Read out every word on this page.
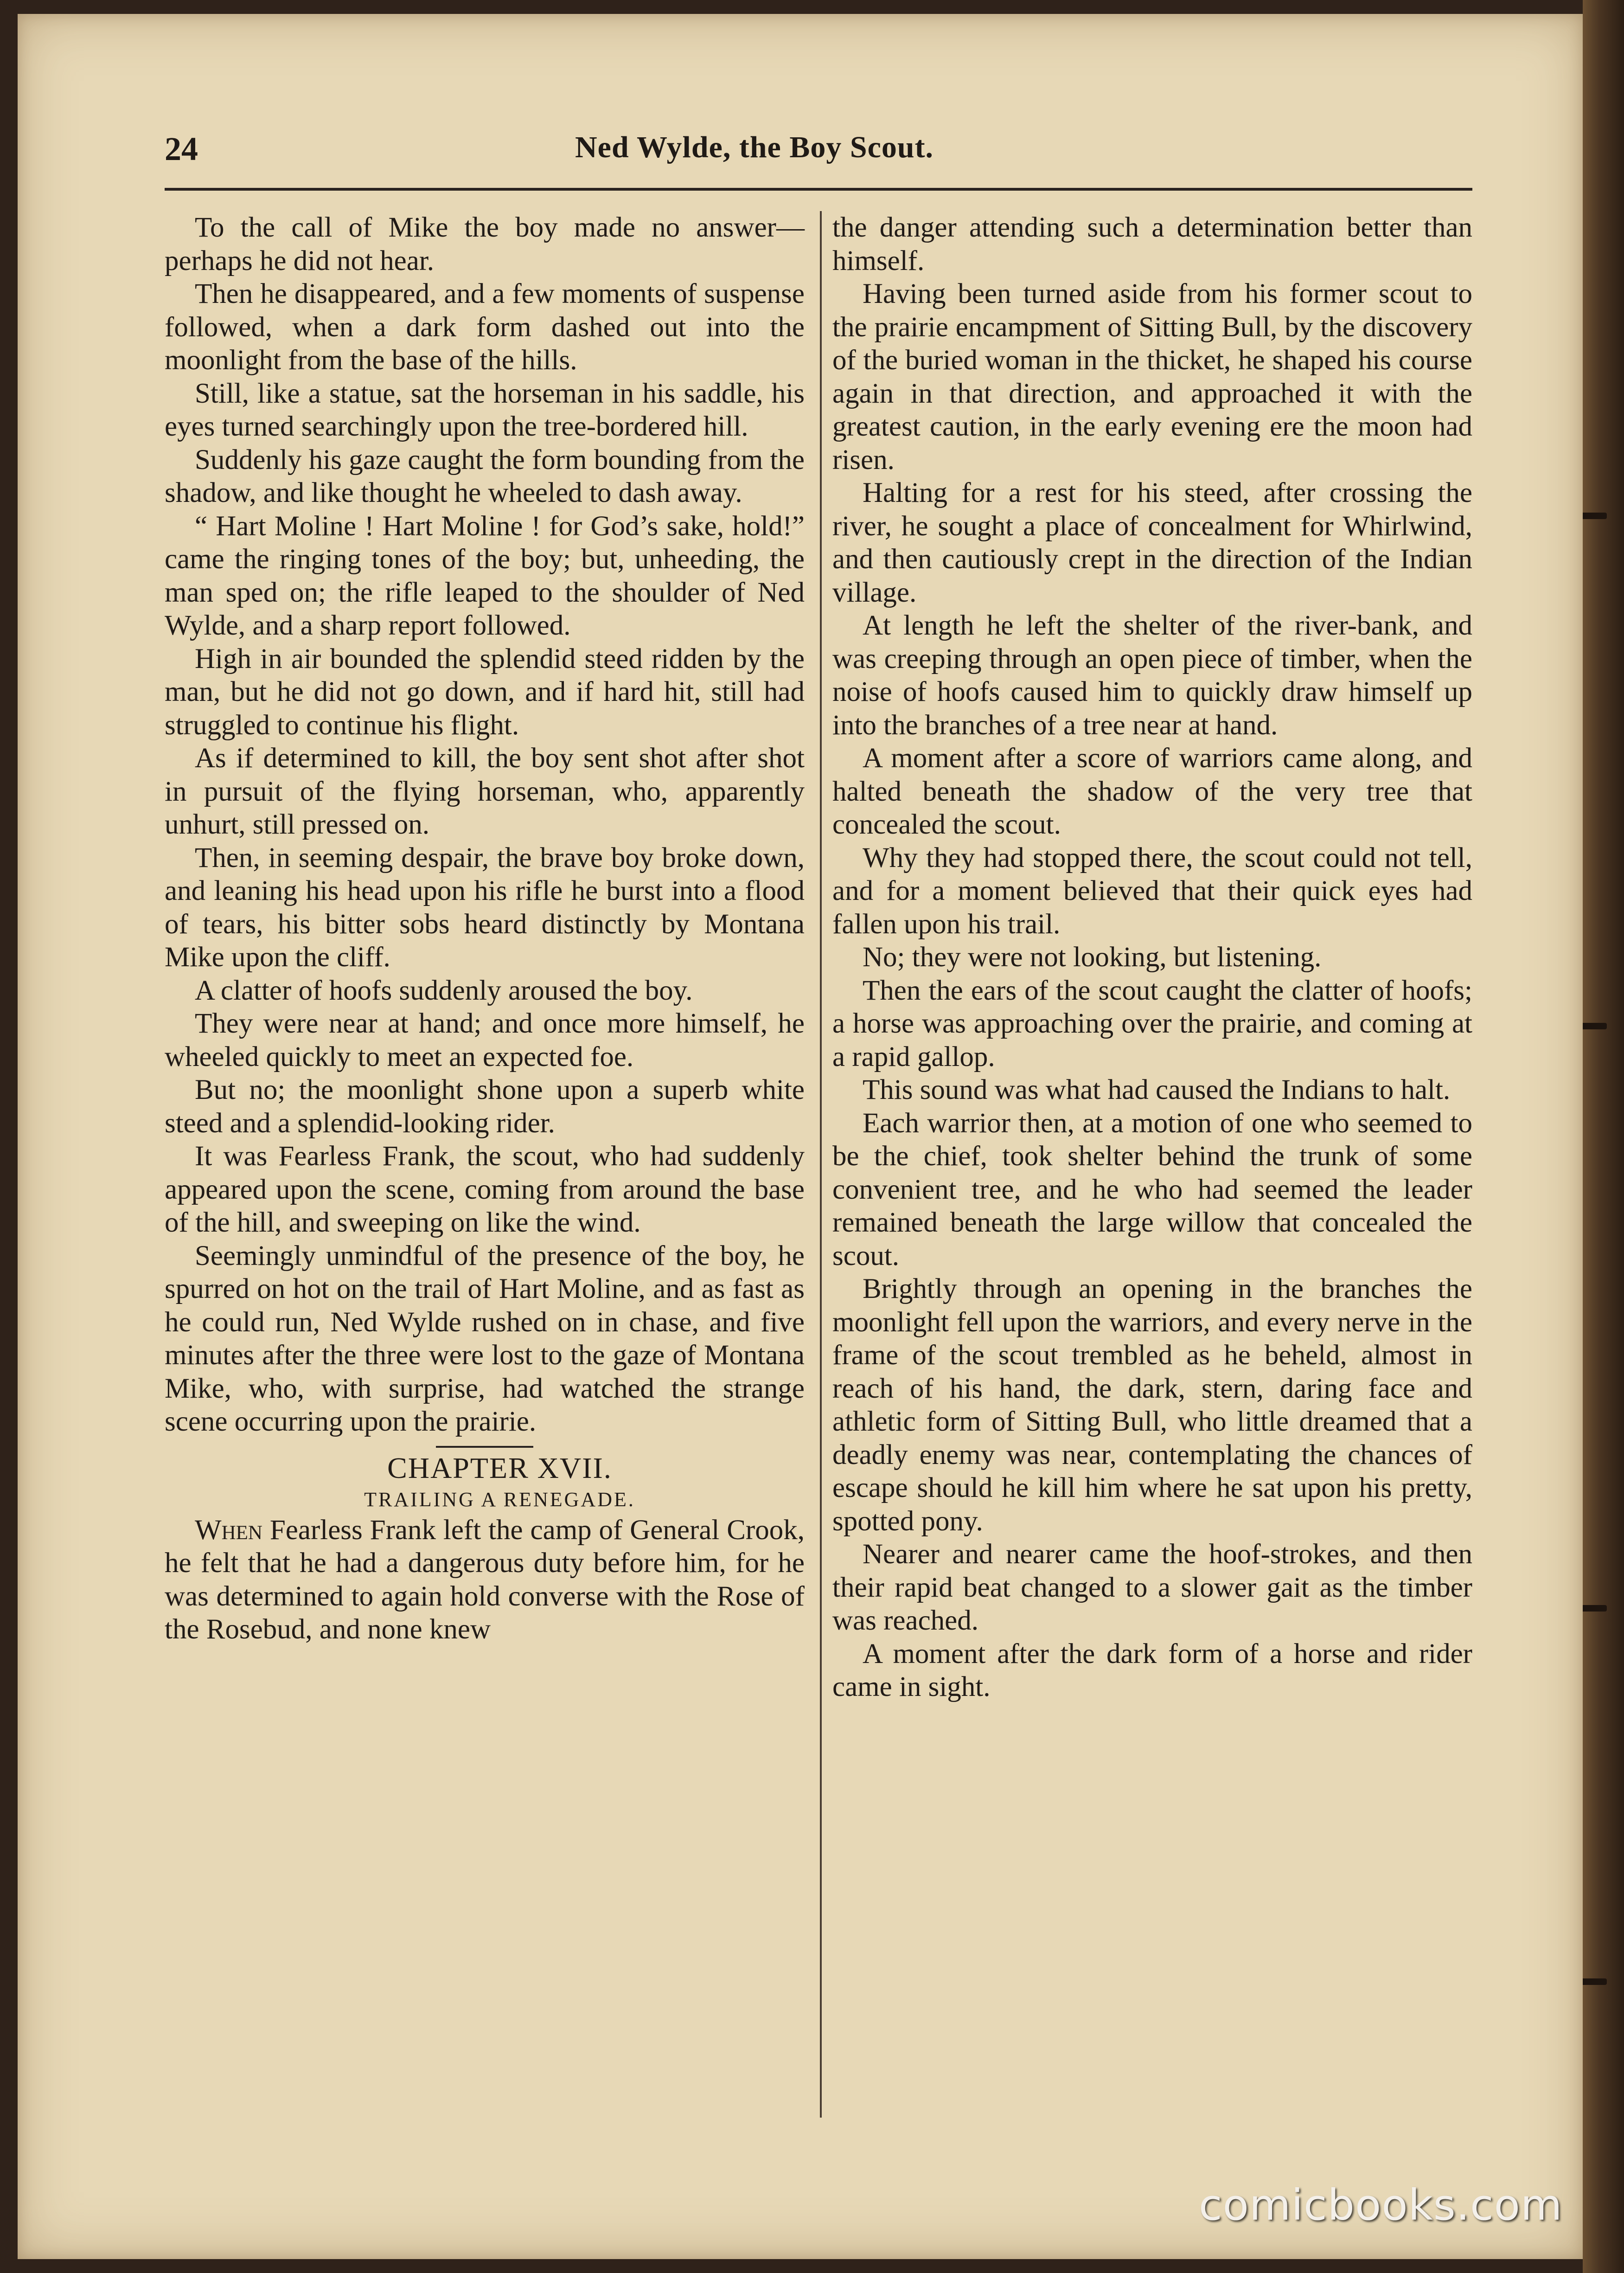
24	Ned Wylde, the Boy Scout.

To the call of Mike the boy made no answer—perhaps he did not hear.

Then he disappeared, and a few moments of suspense followed, when a dark form dashed out into the moonlight from the base of the hills.

Still, like a statue, sat the horseman in his saddle, his eyes turned searchingly upon the tree-bordered hill.

Suddenly his gaze caught the form bounding from the shadow, and like thought he wheeled to dash away.

“ Hart Moline ! Hart Moline ! for God’s sake, hold!” came the ringing tones of the boy; but, unheeding, the man sped on; the rifle leaped to the shoulder of Ned Wylde, and a sharp report followed.

High in air bounded the splendid steed ridden by the man, but he did not go down, and if hard hit, still had struggled to continue his flight.

As if determined to kill, the boy sent shot after shot in pursuit of the flying horseman, who, apparently unhurt, still pressed on.

Then, in seeming despair, the brave boy broke down, and leaning his head upon his rifle he burst into a flood of tears, his bitter sobs heard distinctly by Montana Mike upon the cliff.

A clatter of hoofs suddenly aroused the boy.

They were near at hand; and once more himself, he wheeled quickly to meet an expected foe.

But no; the moonlight shone upon a superb white steed and a splendid-looking rider.

It was Fearless Frank, the scout, who had suddenly appeared upon the scene, coming from around the base of the hill, and sweeping on like the wind.

Seemingly unmindful of the presence of the boy, he spurred on hot on the trail of Hart Moline, and as fast as he could run, Ned Wylde rushed on in chase, and five minutes after the three were lost to the gaze of Montana Mike, who, with surprise, had watched the strange scene occurring upon the prairie.

CHAPTER XVII.

TRAILING A RENEGADE.

When Fearless Frank left the camp of General Crook, he felt that he had a dangerous duty before him, for he was determined to again hold converse with the Rose of the Rosebud, and none knew

the danger attending such a determination better than himself.

Having been turned aside from his former scout to the prairie encampment of Sitting Bull, by the discovery of the buried woman in the thicket, he shaped his course again in that direction, and approached it with the greatest caution, in the early evening ere the moon had risen.

Halting for a rest for his steed, after crossing the river, he sought a place of concealment for Whirlwind, and then cautiously crept in the direction of the Indian village.

At length he left the shelter of the river-bank, and was creeping through an open piece of timber, when the noise of hoofs caused him to quickly draw himself up into the branches of a tree near at hand.

A moment after a score of warriors came along, and halted beneath the shadow of the very tree that concealed the scout.

Why they had stopped there, the scout could not tell, and for a moment believed that their quick eyes had fallen upon his trail.

No; they were not looking, but listening.

Then the ears of the scout caught the clatter of hoofs; a horse was approaching over the prairie, and coming at a rapid gallop.

This sound was what had caused the Indians to halt.

Each warrior then, at a motion of one who seemed to be the chief, took shelter behind the trunk of some convenient tree, and he who had seemed the leader remained beneath the large willow that concealed the scout.

Brightly through an opening in the branches the moonlight fell upon the warriors, and every nerve in the frame of the scout trembled as he beheld, almost in reach of his hand, the dark, stern, daring face and athletic form of Sitting Bull, who little dreamed that a deadly enemy was near, contemplating the chances of escape should he kill him where he sat upon his pretty, spotted pony.

Nearer and nearer came the hoof-strokes, and then their rapid beat changed to a slower gait as the timber was reached.

A moment after the dark form of a horse and rider came in sight.

comicbooks.com
